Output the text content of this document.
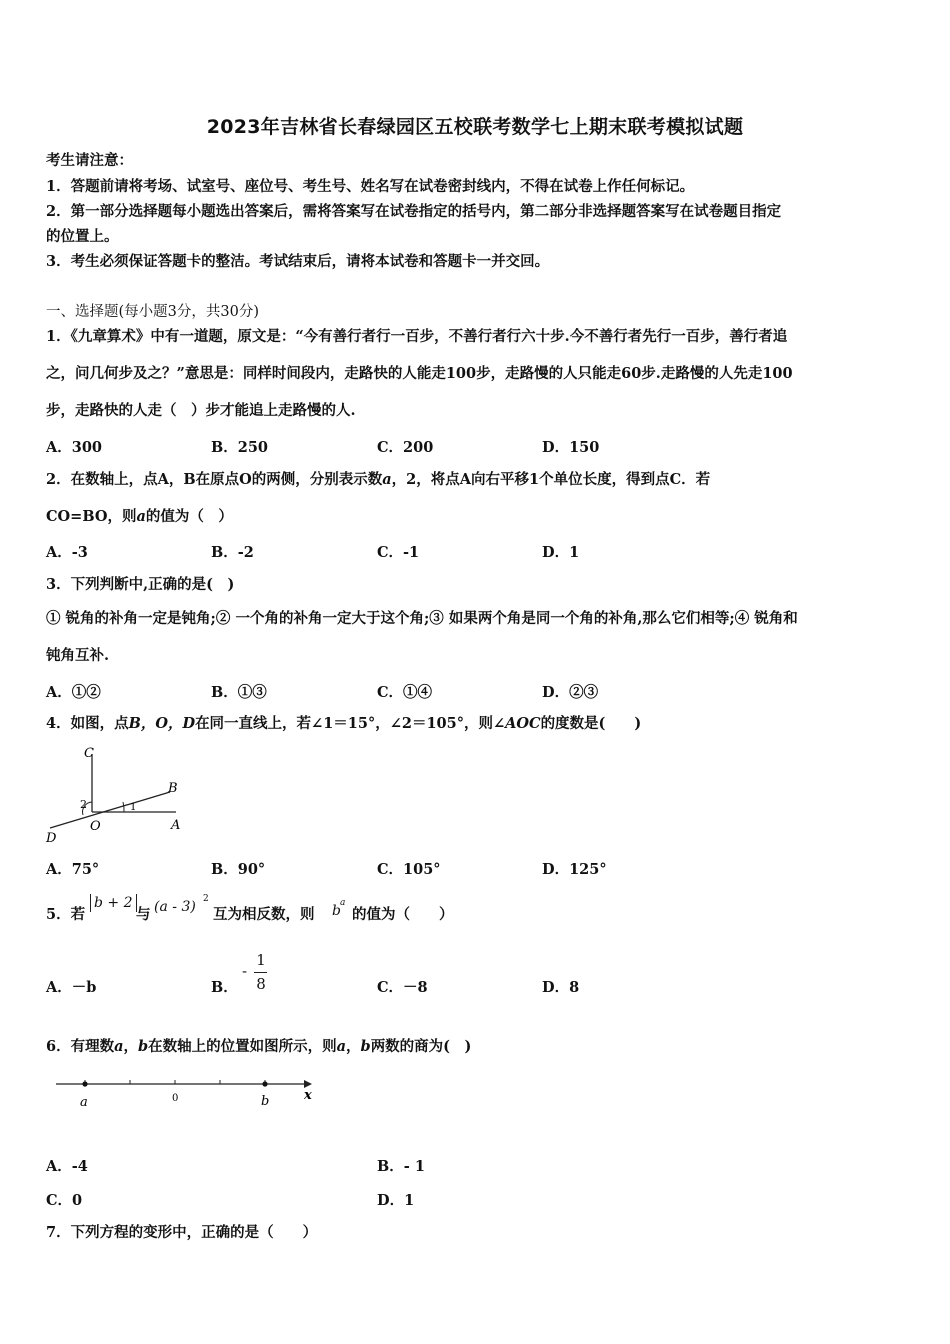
2023年吉林省长春绿园区五校联考数学七上期末联考模拟试题
考生请注意：
1．答题前请将考场、试室号、座位号、考生号、姓名写在试卷密封线内，不得在试卷上作任何标记。
2．第一部分选择题每小题选出答案后，需将答案写在试卷指定的括号内，第二部分非选择题答案写在试卷题目指定
的位置上。
3．考生必须保证答题卡的整洁。考试结束后，请将本试卷和答题卡一并交回。
一、选择题(每小题3分，共30分)
1．《九章算术》中有一道题，原文是：“今有善行者行一百步，不善行者行六十步.今不善行者先行一百步，善行者追
之，问几何步及之？”意思是：同样时间段内，走路快的人能走100步，走路慢的人只能走60步.走路慢的人先走100
步，走路快的人走（　）步才能追上走路慢的人.
A．300	B．250	C．200	D．150
2．在数轴上，点A，B在原点O的两侧，分别表示数a，2，将点A向右平移1个单位长度，得到点C．若
CO=BO，则a的值为（　）
A．-3	B．-2	C．-1	D．1
3．下列判断中,正确的是(　)
① 锐角的补角一定是钝角;② 一个角的补角一定大于这个角;③ 如果两个角是同一个角的补角,那么它们相等;④ 锐角和
钝角互补.
A．①②	B．①③	C．①④	D．②③
4．如图，点B，O，D在同一直线上，若∠1＝15°，∠2＝105°，则∠AOC的度数是(　　)
C
B
O	A
D
1
2
A．75°	B．90°	C．105°	D．125°
5．若
b + 2
与 (a - 3) 2
互为相反数，则 b a
的值为（　　）
A．－b	B．
-
1
8	C．－8	D．8
6．有理数a，b在数轴上的位置如图所示，则a，b两数的商为(　)
a	0	b	x
A．-4	B．- 1
C．0	D．1
7．下列方程的变形中，正确的是（　　）
